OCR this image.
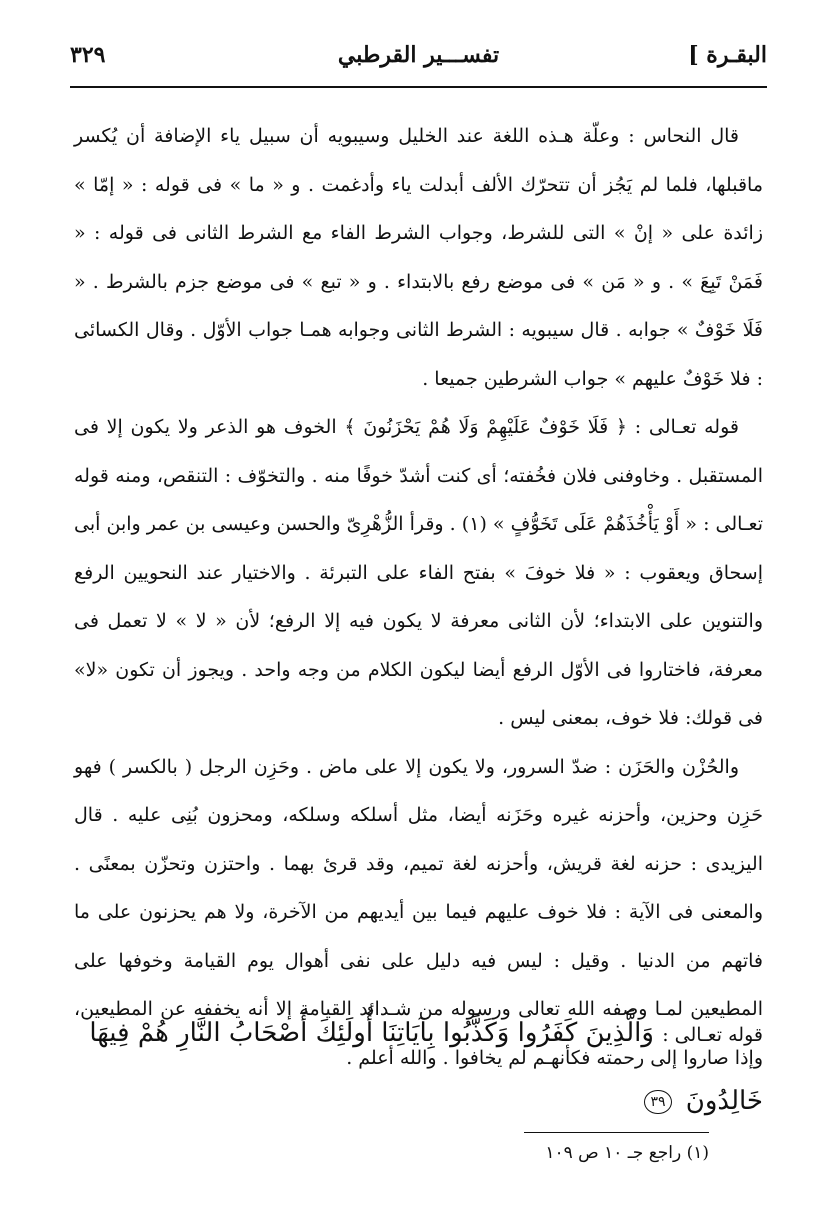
البقـرة ]
تفســـير القرطبي
٣٢٩

قال النحاس : وعلّة هـذه اللغة عند الخليل وسيبويه أن سبيل ياء الإضافة أن يُكسر ماقبلها، فلما لم يَجُز أن تتحرّك الألف أبدلت ياء وأدغمت . و « ما » فى قوله : « إمّا » زائدة على « إنْ » التى للشرط، وجواب الشرط الفاء مع الشرط الثانى فى قوله : « فَمَنْ تَبِعَ » . و « مَن » فى موضع رفع بالابتداء . و « تبع » فى موضع جزم بالشرط . « فَلَا خَوْفٌ » جوابه . قال سيبويه : الشرط الثانى وجوابه همـا جواب الأوّل . وقال الكسائى : فلا خَوْفٌ عليهم » جواب الشرطين جميعا .

قوله تعـالى : ﴿ فَلَا خَوْفٌ عَلَيْهِمْ وَلَا هُمْ يَحْزَنُونَ ﴾ الخوف هو الذعر ولا يكون إلا فى المستقبل . وخاوفنى فلان فخُفته؛ أى كنت أشدّ خوفًا منه . والتخوّف : التنقص، ومنه قوله تعـالى : « أَوْ يَأْخُذَهُمْ عَلَى تَخَوُّفٍ » (١) . وقرأ الزُّهْرِىّ والحسن وعيسى بن عمر وابن أبى إسحاق ويعقوب : « فلا خوفَ » بفتح الفاء على التبرئة . والاختيار عند النحويين الرفع والتنوين على الابتداء؛ لأن الثانى معرفة لا يكون فيه إلا الرفع؛ لأن « لا » لا تعمل فى معرفة، فاختاروا فى الأوّل الرفع أيضا ليكون الكلام من وجه واحد . ويجوز أن تكون «لا» فى قولك: فلا خوف، بمعنى ليس .

والحُزْن والحَزَن : ضدّ السرور، ولا يكون إلا على ماض . وحَزِن الرجل ( بالكسر ) فهو حَزِن وحزين، وأحزنه غيره وحَزَنه أيضا، مثل أسلكه وسلكه، ومحزون بُنِى عليه . قال اليزيدى : حزنه لغة قريش، وأحزنه لغة تميم، وقد قرئ بهما . واحتزن وتحزّن بمعنًى . والمعنى فى الآية : فلا خوف عليهم فيما بين أيديهم من الآخرة، ولا هم يحزنون على ما فاتهم من الدنيا . وقيل : ليس فيه دليل على نفى أهوال يوم القيامة وخوفها على المطيعين لمـا وصفه الله تعالى ورسوله من شـدائد القيامة إلا أنه يخففه عن المطيعين، وإذا صاروا إلى رحمته فكأنهـم لم يخافوا . والله أعلم .

قوله تعـالى : وَالَّذِينَ كَفَرُوا وَكَذَّبُوا بِآيَاتِنَا أُولَئِكَ أَصْحَابُ النَّارِ هُمْ فِيهَا خَالِدُونَ ٣٩
(١) راجع جـ ١٠ ص ١٠٩
